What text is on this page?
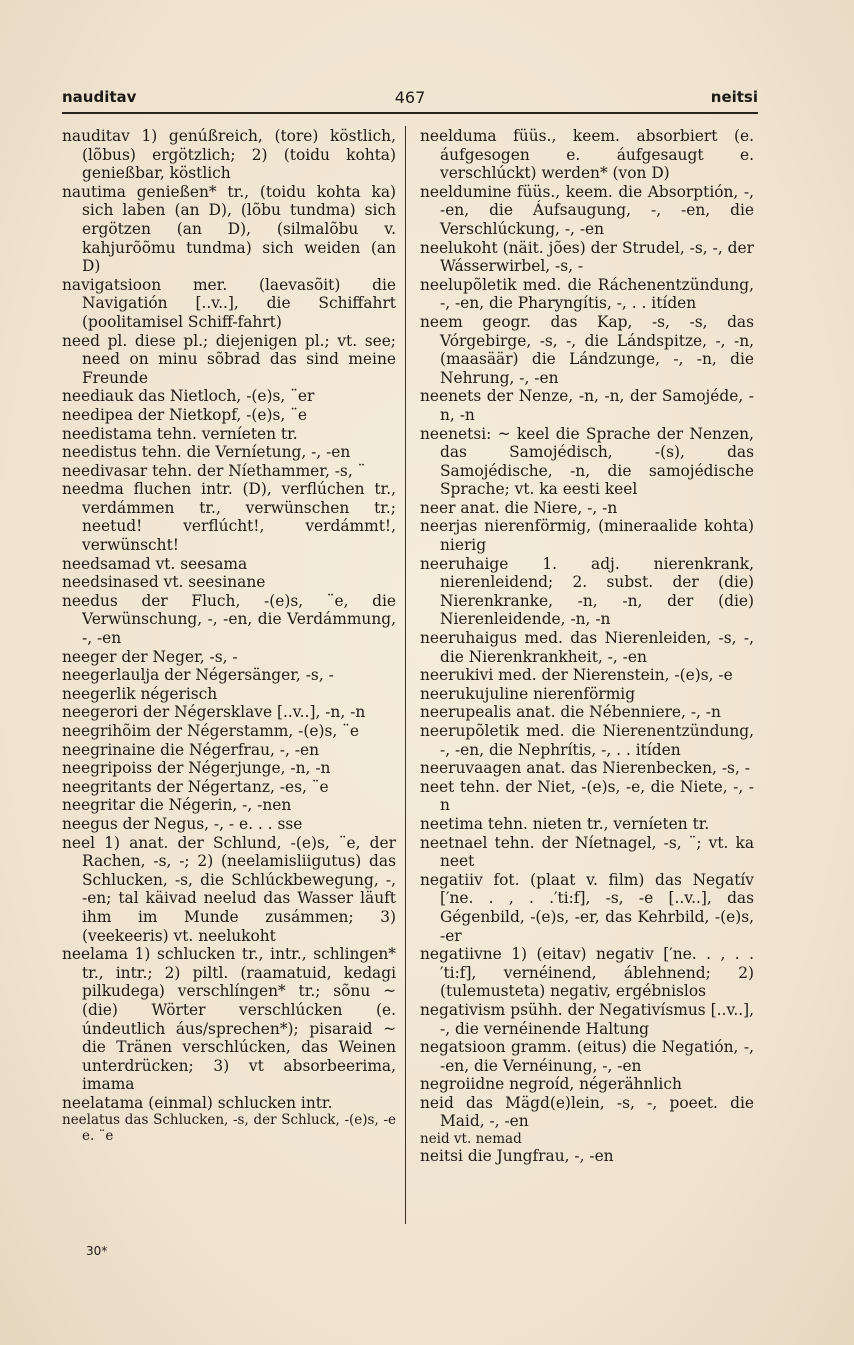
nauditav	467	neitsi

nauditav 1) genúßreich, (tore) köstlich, (lõbus) ergötzlich; 2) (toidu kohta) genießbar, köstlich

nautima genießen* tr., (toidu kohta ka) sich laben (an D), (lõbu tundma) sich ergötzen (an D), (silmalõbu v. kahjurõõmu tundma) sich weiden (an D)

navigatsioon mer. (laevasõit) die Navigatión [..v..], die Schiffahrt (poolitamisel Schiff-fahrt)

need pl. diese pl.; diejenigen pl.; vt. see; need on minu sõbrad das sind meine Freunde

neediauk das Nietloch, -(e)s, ¨er

needipea der Nietkopf, -(e)s, ¨e

needistama tehn. verníeten tr.

needistus tehn. die Verníetung, -, -en

needivasar tehn. der Níethammer, -s, ¨

needma fluchen intr. (D), verflúchen tr., verdámmen tr., verwünschen tr.; neetud! verflúcht!, verdámmt!, verwünscht!

needsamad vt. seesama

needsinased vt. seesinane

needus der Fluch, -(e)s, ¨e, die Verwünschung, -, -en, die Verdámmung, -, -en

neeger der Neger, -s, -

neegerlaulja der Négersänger, -s, -

neegerlik négerisch

neegerori der Négersklave [..v..], -n, -n

neegrihõim der Négerstamm, -(e)s, ¨e

neegrinaine die Négerfrau, -, -en

neegripoiss der Négerjunge, -n, -n

neegritants der Négertanz, -es, ¨e

neegritar die Négerin, -, -nen

neegus der Negus, -, - e. . . sse

neel 1) anat. der Schlund, -(e)s, ¨e, der Rachen, -s, -; 2) (neelamisliigutus) das Schlucken, -s, die Schlúckbewegung, -, -en; tal käivad neelud das Wasser läuft ihm im Munde zusámmen; 3) (veekeeris) vt. neelukoht

neelama 1) schlucken tr., intr., schlingen* tr., intr.; 2) piltl. (raamatuid, kedagi pilkudega) verschlíngen* tr.; sõnu ~ (die) Wörter verschlúcken (e. úndeutlich áus/sprechen*); pisaraid ~ die Tränen verschlúcken, das Weinen unterdrücken; 3) vt absorbeerima, imama

neelatama (einmal) schlucken intr.

neelatus das Schlucken, -s, der Schluck, -(e)s, -e e. ¨e

neelduma füüs., keem. absorbiert (e. áufgesogen e. áufgesaugt e. verschlúckt) werden* (von D)

neeldumine füüs., keem. die Absorptión, -, -en, die Áufsaugung, -, -en, die Verschlúckung, -, -en

neelukoht (näit. jões) der Strudel, -s, -, der Wásserwirbel, -s, -

neelupõletik med. die Ráchenentzündung, -, -en, die Pharyngítis, -, . . itíden

neem geogr. das Kap, -s, -s, das Vórgebirge, -s, -, die Lándspitze, -, -n, (maasäär) die Lándzunge, -, -n, die Nehrung, -, -en

neenets der Nenze, -n, -n, der Samojéde, -n, -n

neenetsi: ~ keel die Sprache der Nenzen, das Samojédisch, -(s), das Samojédische, -n, die samojédische Sprache; vt. ka eesti keel

neer anat. die Niere, -, -n

neerjas nierenförmig, (mineraalide kohta) nierig

neeruhaige 1. adj. nierenkrank, nierenleidend; 2. subst. der (die) Nierenkranke, -n, -n, der (die) Nierenleidende, -n, -n

neeruhaigus med. das Nierenleiden, -s, -, die Nierenkrankheit, -, -en

neerukivi med. der Nierenstein, -(e)s, -e

neerukujuline nierenförmig

neerupealis anat. die Nébenniere, -, -n

neerupõletik med. die Nierenentzündung, -, -en, die Nephrítis, -, . . itíden

neeruvaagen anat. das Nierenbecken, -s, -

neet tehn. der Niet, -(e)s, -e, die Niete, -, -n

neetima tehn. nieten tr., verníeten tr.

neetnael tehn. der Níetnagel, -s, ¨; vt. ka neet

negatiiv fot. (plaat v. film) das Negatív [′ne. . , . .′ti:f], -s, -e [..v..], das Gégenbild, -(e)s, -er, das Kehrbild, -(e)s, -er

negatiivne 1) (eitav) negativ [′ne. . , . .′ti:f], vernéinend, áblehnend; 2) (tulemusteta) negativ, ergébnislos

negativism psühh. der Negativísmus [..v..], -, die vernéinende Haltung

negatsioon gramm. (eitus) die Negatión, -, -en, die Vernéinung, -, -en

negroiidne negroíd, négerähnlich

neid das Mägd(e)lein, -s, -, poeet. die Maid, -, -en

neid vt. nemad

neitsi die Jungfrau, -, -en

30*
